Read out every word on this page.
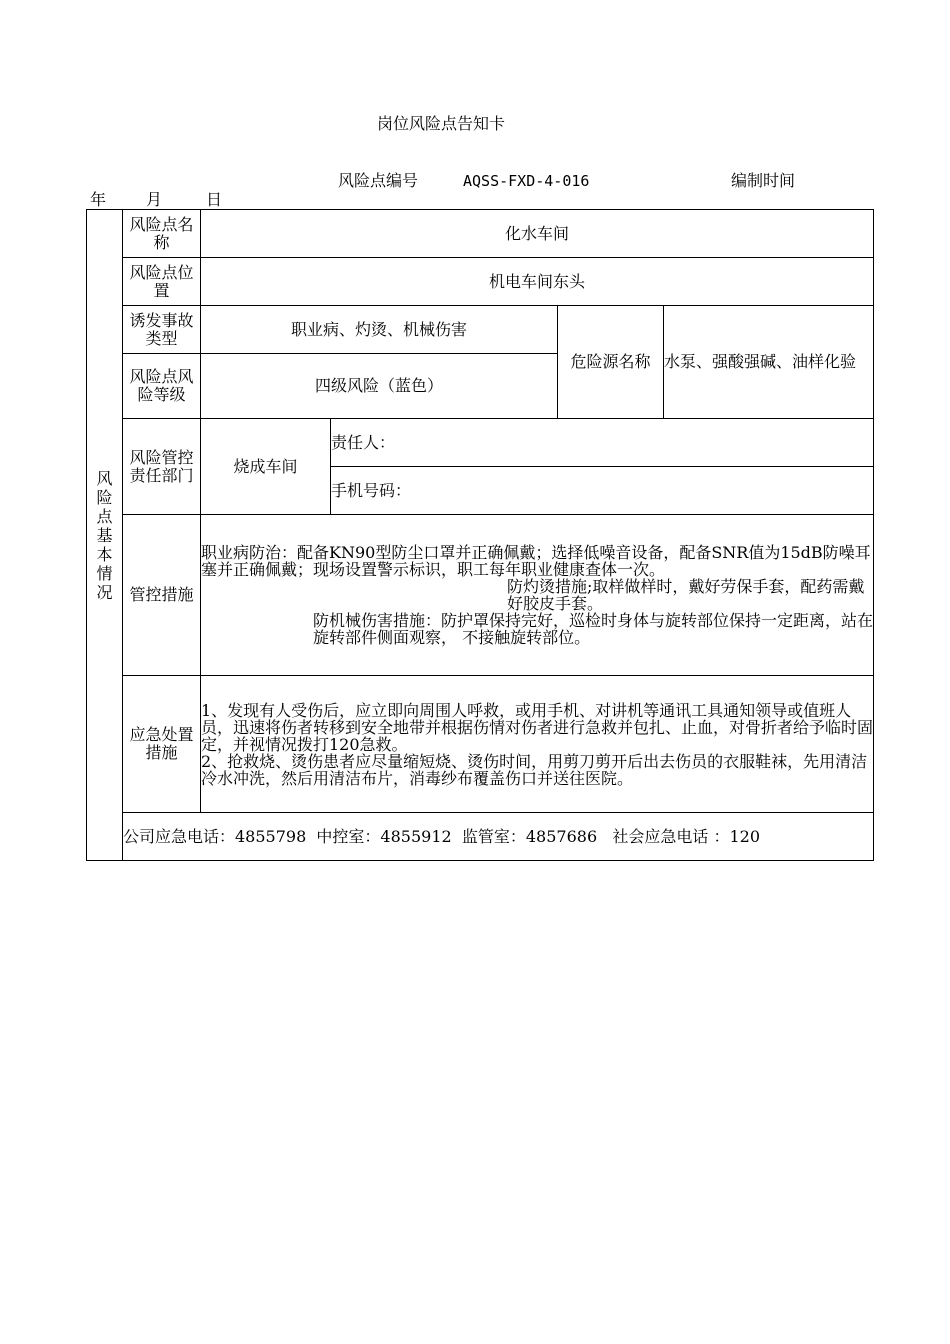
岗位风险点告知卡
风险点编号	AQSS-FXD-4-016	编制时间
年 月	日
风险点基本情况	风险点名称	化水车间			
	风险点位置	机电车间东头			
	诱发事故类型	职业病、灼烫、机械伤害		危险源名称	水泵、强酸强碱、油样化验
	风险点风险等级	四级风险（蓝色）			
	风险管控责任部门	烧成车间	责任人：		
			手机号码：		
	管控措施	职业病防治：配备KN90型防尘口罩并正确佩戴；选择低噪音设备，配备SNR值为15dB防噪耳塞并正确佩戴；现场设置警示标识，职工每年职业健康查体一次。
防灼烫措施;取样做样时，戴好劳保手套，配药需戴好胶皮手套。
防机械伤害措施：防护罩保持完好，巡检时身体与旋转部位保持一定距离，站在旋转部件侧面观察， 不接触旋转部位。			

	应急处置措施	1、发现有人受伤后，应立即向周围人呼救，或用手机、对讲机等通讯工具通知领导或值班人员，迅速将伤者转移到安全地带并根据伤情对伤者进行急救并包扎、止血，对骨折者给予临时固定，并视情况拨打120急救。
2、抢救烧、烫伤患者应尽量缩短烧、烫伤时间，用剪刀剪开后出去伤员的衣服鞋袜，先用清洁冷水冲洗，然后用清洁布片，消毒纱布覆盖伤口并送往医院。			

	公司应急电话：4855798  中控室：4855912  监管室：4857686   社会应急电话 ：120				
